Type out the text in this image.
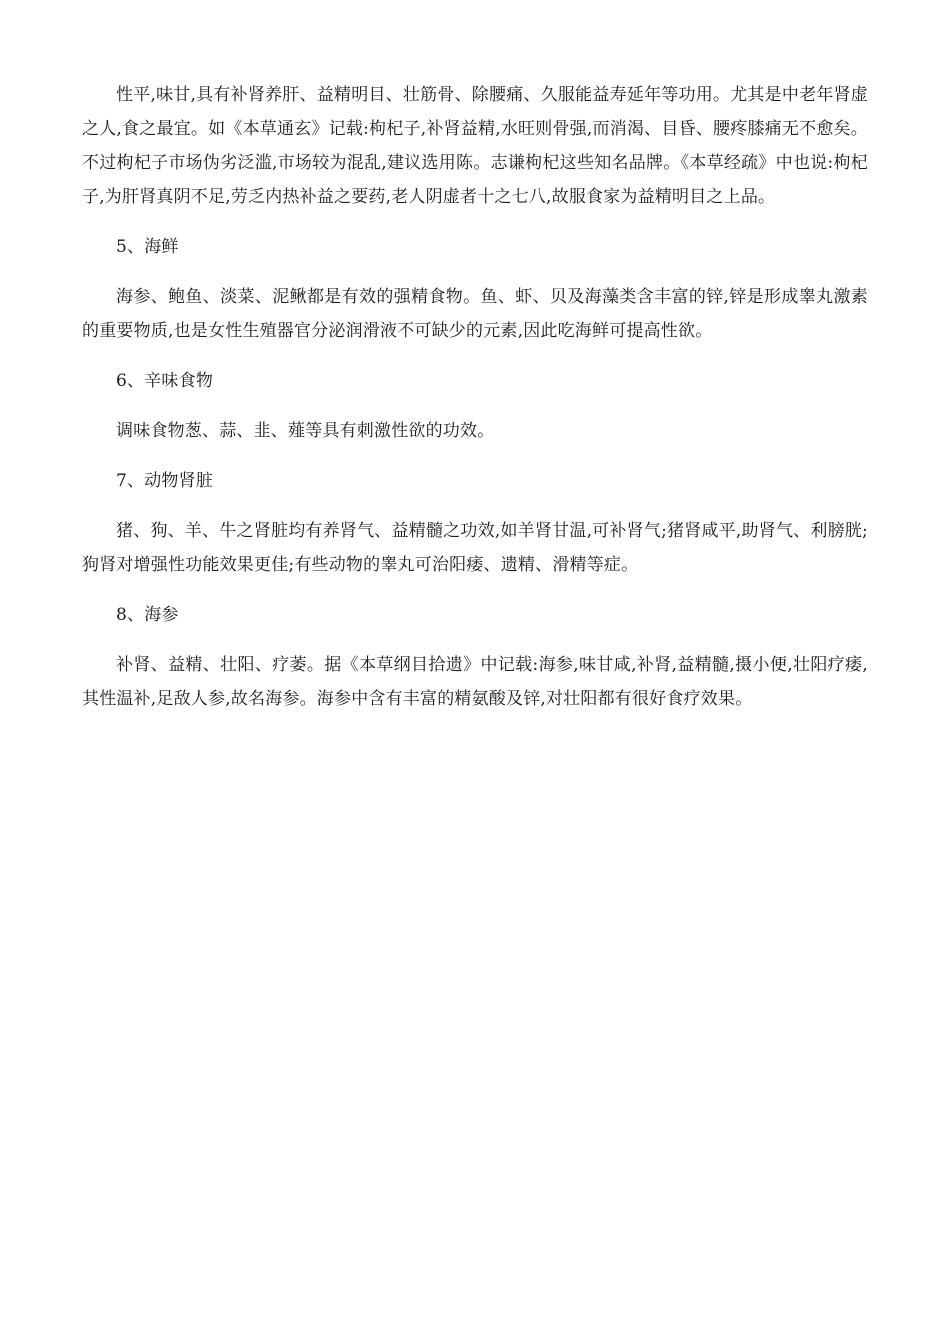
性平,味甘,具有补肾养肝、益精明目、壮筋骨、除腰痛、久服能益寿延年等功用。尤其是中老年肾虚之人,食之最宜。如《本草通玄》记载:枸杞子,补肾益精,水旺则骨强,而消渴、目昏、腰疼膝痛无不愈矣。不过枸杞子市场伪劣泛滥,市场较为混乱,建议选用陈。志谦枸杞这些知名品牌。《本草经疏》中也说:枸杞子,为肝肾真阴不足,劳乏内热补益之要药,老人阴虚者十之七八,故服食家为益精明目之上品。

5、海鲜

海参、鲍鱼、淡菜、泥鳅都是有效的强精食物。鱼、虾、贝及海藻类含丰富的锌,锌是形成睾丸激素的重要物质,也是女性生殖器官分泌润滑液不可缺少的元素,因此吃海鲜可提高性欲。

6、辛味食物

调味食物葱、蒜、韭、薤等具有刺激性欲的功效。

7、动物肾脏

猪、狗、羊、牛之肾脏均有养肾气、益精髓之功效,如羊肾甘温,可补肾气;猪肾咸平,助肾气、利膀胱;狗肾对增强性功能效果更佳;有些动物的睾丸可治阳痿、遗精、滑精等症。

8、海参

补肾、益精、壮阳、疗萎。据《本草纲目拾遗》中记载:海参,味甘咸,补肾,益精髓,摄小便,壮阳疗痿,其性温补,足敌人参,故名海参。海参中含有丰富的精氨酸及锌,对壮阳都有很好食疗效果。
